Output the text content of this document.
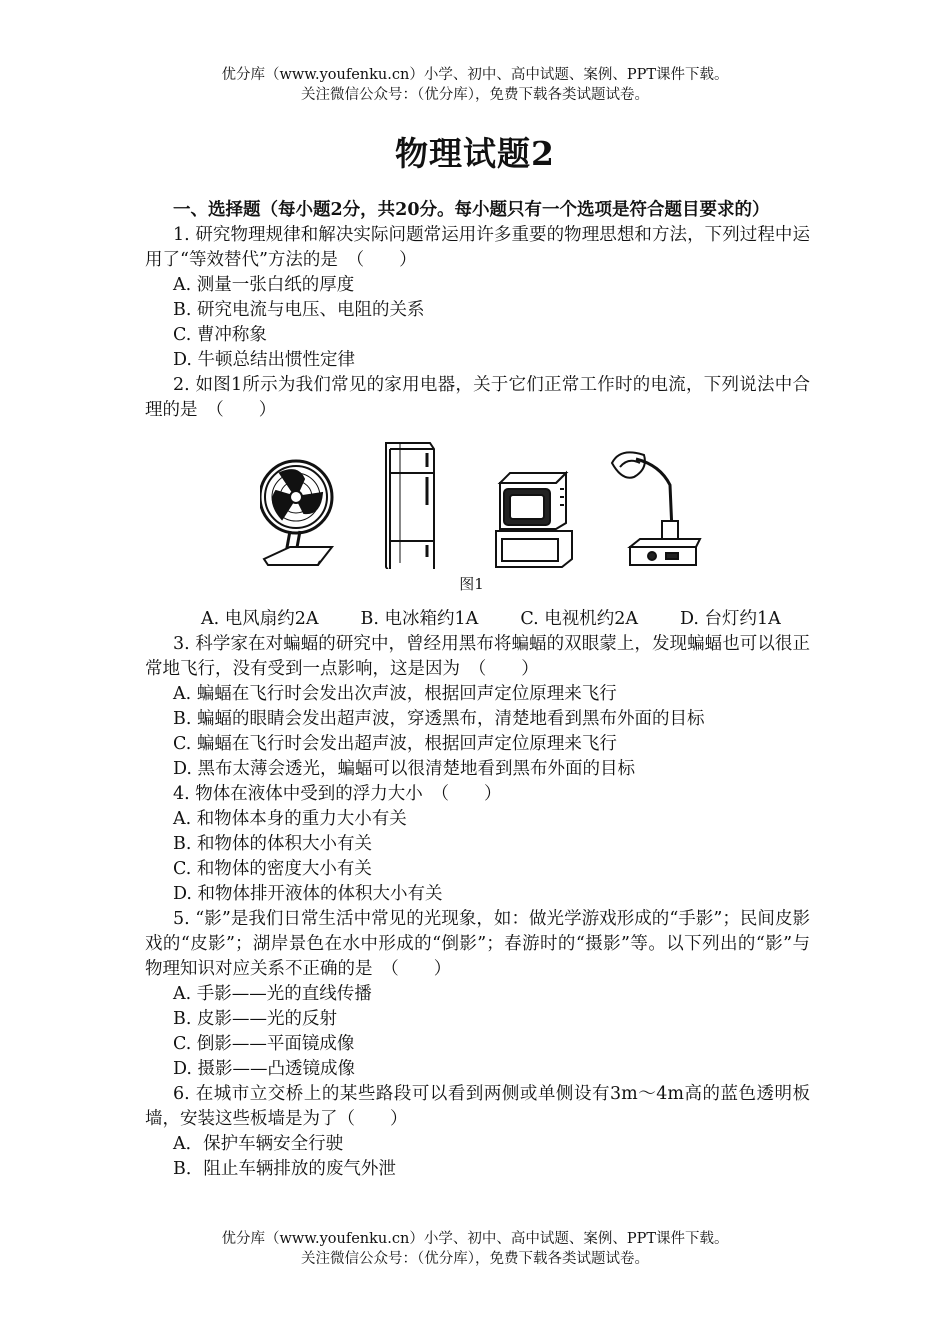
优分库（www.youfenku.cn）小学、初中、高中试题、案例、PPT课件下载。
关注微信公众号：（优分库），免费下载各类试题试卷。
物理试题2

一、选择题（每小题2分，共20分。每小题只有一个选项是符合题目要求的）

1. 研究物理规律和解决实际问题常运用许多重要的物理思想和方法，下列过程中运用了“等效替代”方法的是　（　　）

A. 测量一张白纸的厚度

B. 研究电流与电压、电阻的关系

C. 曹冲称象

D. 牛顿总结出惯性定律

2. 如图1所示为我们常见的家用电器，关于它们正常工作时的电流，下列说法中合理的是　（　　）

图1

A. 电风扇约2A B. 电冰箱约1A C. 电视机约2A D. 台灯约1A

3. 科学家在对蝙蝠的研究中，曾经用黑布将蝙蝠的双眼蒙上，发现蝙蝠也可以很正常地飞行，没有受到一点影响，这是因为　（　　）

A. 蝙蝠在飞行时会发出次声波，根据回声定位原理来飞行

B. 蝙蝠的眼睛会发出超声波，穿透黑布，清楚地看到黑布外面的目标

C. 蝙蝠在飞行时会发出超声波，根据回声定位原理来飞行

D. 黑布太薄会透光，蝙蝠可以很清楚地看到黑布外面的目标

4. 物体在液体中受到的浮力大小　（　　）

A. 和物体本身的重力大小有关

B. 和物体的体积大小有关

C. 和物体的密度大小有关

D. 和物体排开液体的体积大小有关

5. “影”是我们日常生活中常见的光现象，如：做光学游戏形成的“手影”；民间皮影戏的“皮影”；湖岸景色在水中形成的“倒影”；春游时的“摄影”等。以下列出的“影”与物理知识对应关系不正确的是　（　　）

A. 手影——光的直线传播

B. 皮影——光的反射

C. 倒影——平面镜成像

D. 摄影——凸透镜成像

6. 在城市立交桥上的某些路段可以看到两侧或单侧设有3m～4m高的蓝色透明板墙，安装这些板墙是为了（　　）

A．保护车辆安全行驶

B．阻止车辆排放的废气外泄

优分库（www.youfenku.cn）小学、初中、高中试题、案例、PPT课件下载。
关注微信公众号：（优分库），免费下载各类试题试卷。
